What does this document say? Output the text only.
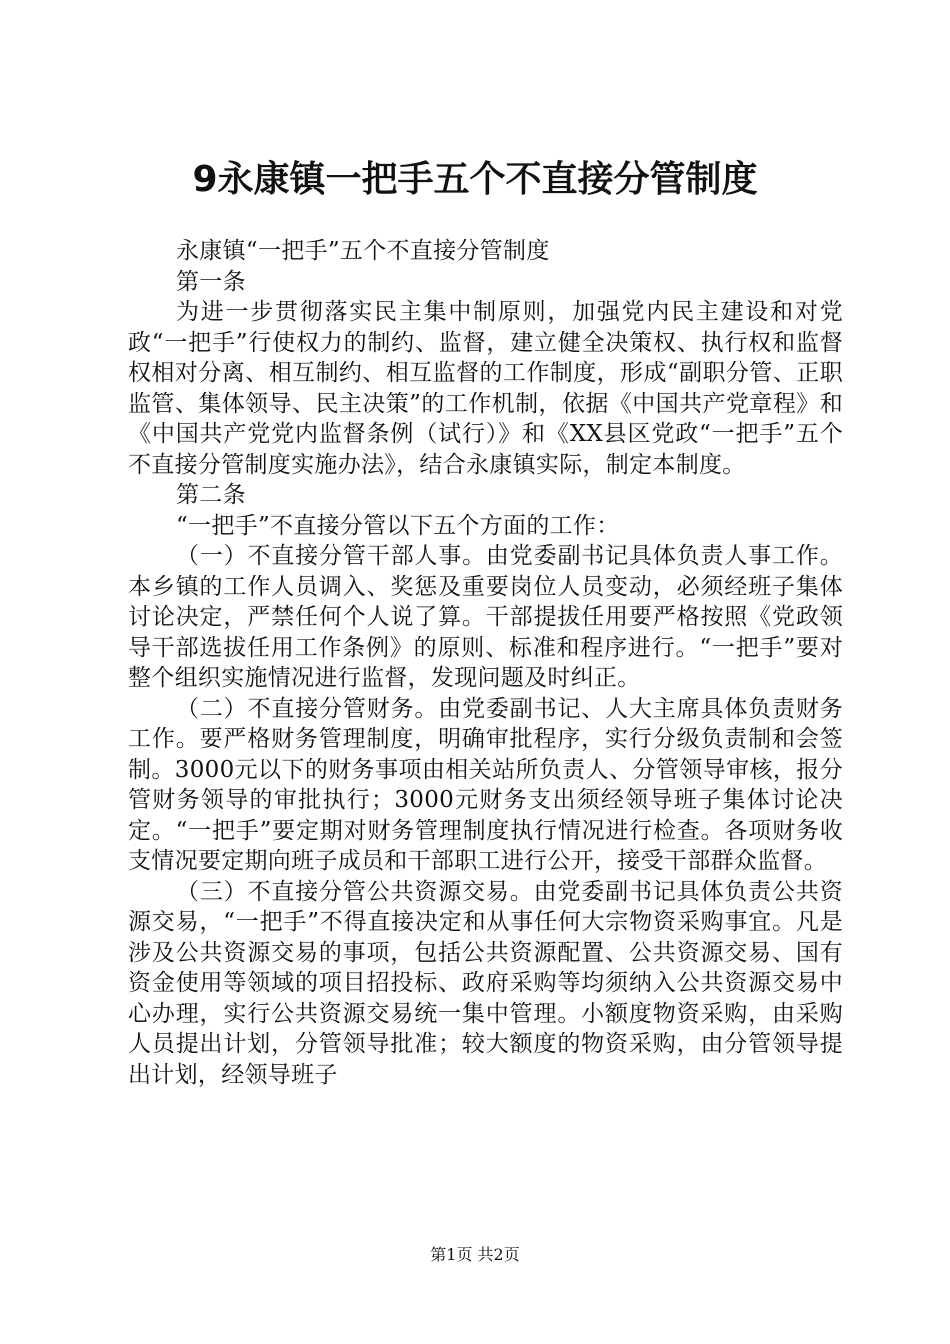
9永康镇一把手五个不直接分管制度

永康镇“一把手”五个不直接分管制度

第一条

为进一步贯彻落实民主集中制原则，加强党内民主建设和对党政“一把手”行使权力的制约、监督，建立健全决策权、执行权和监督权相对分离、相互制约、相互监督的工作制度，形成“副职分管、正职监管、集体领导、民主决策”的工作机制，依据《中国共产党章程》和《中国共产党党内监督条例（试行）》和《XX县区党政“一把手”五个不直接分管制度实施办法》，结合永康镇实际，制定本制度。

第二条

“一把手”不直接分管以下五个方面的工作：

（一）不直接分管干部人事。由党委副书记具体负责人事工作。本乡镇的工作人员调入、奖惩及重要岗位人员变动，必须经班子集体讨论决定，严禁任何个人说了算。干部提拔任用要严格按照《党政领导干部选拔任用工作条例》的原则、标准和程序进行。“一把手”要对整个组织实施情况进行监督，发现问题及时纠正。

（二）不直接分管财务。由党委副书记、人大主席具体负责财务工作。要严格财务管理制度，明确审批程序，实行分级负责制和会签制。3000元以下的财务事项由相关站所负责人、分管领导审核，报分管财务领导的审批执行；3000元财务支出须经领导班子集体讨论决定。“一把手”要定期对财务管理制度执行情况进行检查。各项财务收支情况要定期向班子成员和干部职工进行公开，接受干部群众监督。

（三）不直接分管公共资源交易。由党委副书记具体负责公共资源交易，“一把手”不得直接决定和从事任何大宗物资采购事宜。凡是涉及公共资源交易的事项，包括公共资源配置、公共资源交易、国有资金使用等领域的项目招投标、政府采购等均须纳入公共资源交易中心办理，实行公共资源交易统一集中管理。小额度物资采购，由采购人员提出计划，分管领导批准；较大额度的物资采购，由分管领导提出计划，经领导班子

第1页 共2页
